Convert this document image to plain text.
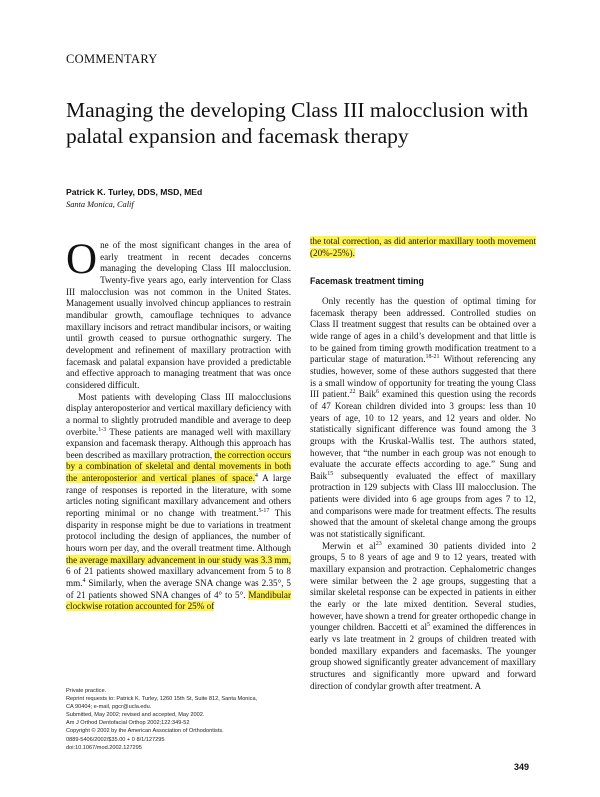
COMMENTARY
Managing the developing Class III malocclusion with palatal expansion and facemask therapy
Patrick K. Turley, DDS, MSD, MEd
Santa Monica, Calif

One of the most significant changes in the area of early treatment in recent decades concerns managing the developing Class III malocclusion. Twenty-five years ago, early intervention for Class III malocclusion was not common in the United States. Management usually involved chincup appliances to restrain mandibular growth, camouflage techniques to advance maxillary incisors and retract mandibular incisors, or waiting until growth ceased to pursue orthognathic surgery. The development and refinement of maxillary protraction with facemask and palatal expansion have provided a predictable and effective approach to managing treatment that was once considered difficult.

Most patients with developing Class III malocclusions display anteroposterior and vertical maxillary deficiency with a normal to slightly protruded mandible and average to deep overbite.$^{1-3}$ These patients are managed well with maxillary expansion and facemask therapy. Although this approach has been described as maxillary protraction, the correction occurs by a combination of skeletal and dental movements in both the anteroposterior and vertical planes of space.$^4$ A large range of responses is reported in the literature, with some articles noting significant maxillary advancement and others reporting minimal or no change with treatment.$^{5-17}$ This disparity in response might be due to variations in treatment protocol including the design of appliances, the number of hours worn per day, and the overall treatment time. Although the average maxillary advancement in our study was 3.3 mm, 6 of 21 patients showed maxillary advancement from 5 to 8 mm.$^4$ Similarly, when the average SNA change was 2.35°, 5 of 21 patients showed SNA changes of 4° to 5°. Mandibular clockwise rotation accounted for 25% of

the total correction, as did anterior maxillary tooth movement (20%-25%).

Facemask treatment timing

Only recently has the question of optimal timing for facemask therapy been addressed. Controlled studies on Class II treatment suggest that results can be obtained over a wide range of ages in a child’s development and that little is to be gained from timing growth modification treatment to a particular stage of maturation.$^{18-21}$ Without referencing any studies, however, some of these authors suggested that there is a small window of opportunity for treating the young Class III patient.$^{22}$ Baik$^6$ examined this question using the records of 47 Korean children divided into 3 groups: less than 10 years of age, 10 to 12 years, and 12 years and older. No statistically significant difference was found among the 3 groups with the Kruskal-Wallis test. The authors stated, however, that “the number in each group was not enough to evaluate the accurate effects according to age.” Sung and Baik$^{15}$ subsequently evaluated the effect of maxillary protraction in 129 subjects with Class III malocclusion. The patients were divided into 6 age groups from ages 7 to 12, and comparisons were made for treatment effects. The results showed that the amount of skeletal change among the groups was not statistically significant.

Merwin et $al^{23}$ examined 30 patients divided into 2 groups, 5 to 8 years of age and 9 to 12 years, treated with maxillary expansion and protraction. Cephalometric changes were similar between the 2 age groups, suggesting that a similar skeletal response can be expected in patients in either the early or the late mixed dentition. Several studies, however, have shown a trend for greater orthopedic change in younger children. Baccetti et $al^5$ examined the differences in early vs late treatment in 2 groups of children treated with bonded maxillary expanders and facemasks. The younger group showed significantly greater advancement of maxillary structures and significantly more upward and forward direction of condylar growth after treatment. A

Private practice.
Reprint requests to: Patrick K. Turley, 1260 15th St, Suite 812, Santa Monica,
CA 90404; e-mail, pgcr@ucla.edu.
Submitted, May 2002; revised and accepted, May 2002.
Am J Orthod Dentofacial Orthop 2002;122:349-52
Copyright © 2002 by the American Association of Orthodontists.
0889-5406/2002/$35.00 + 0 8/1/127295
doi:10.1067/mod.2002.127295
349
